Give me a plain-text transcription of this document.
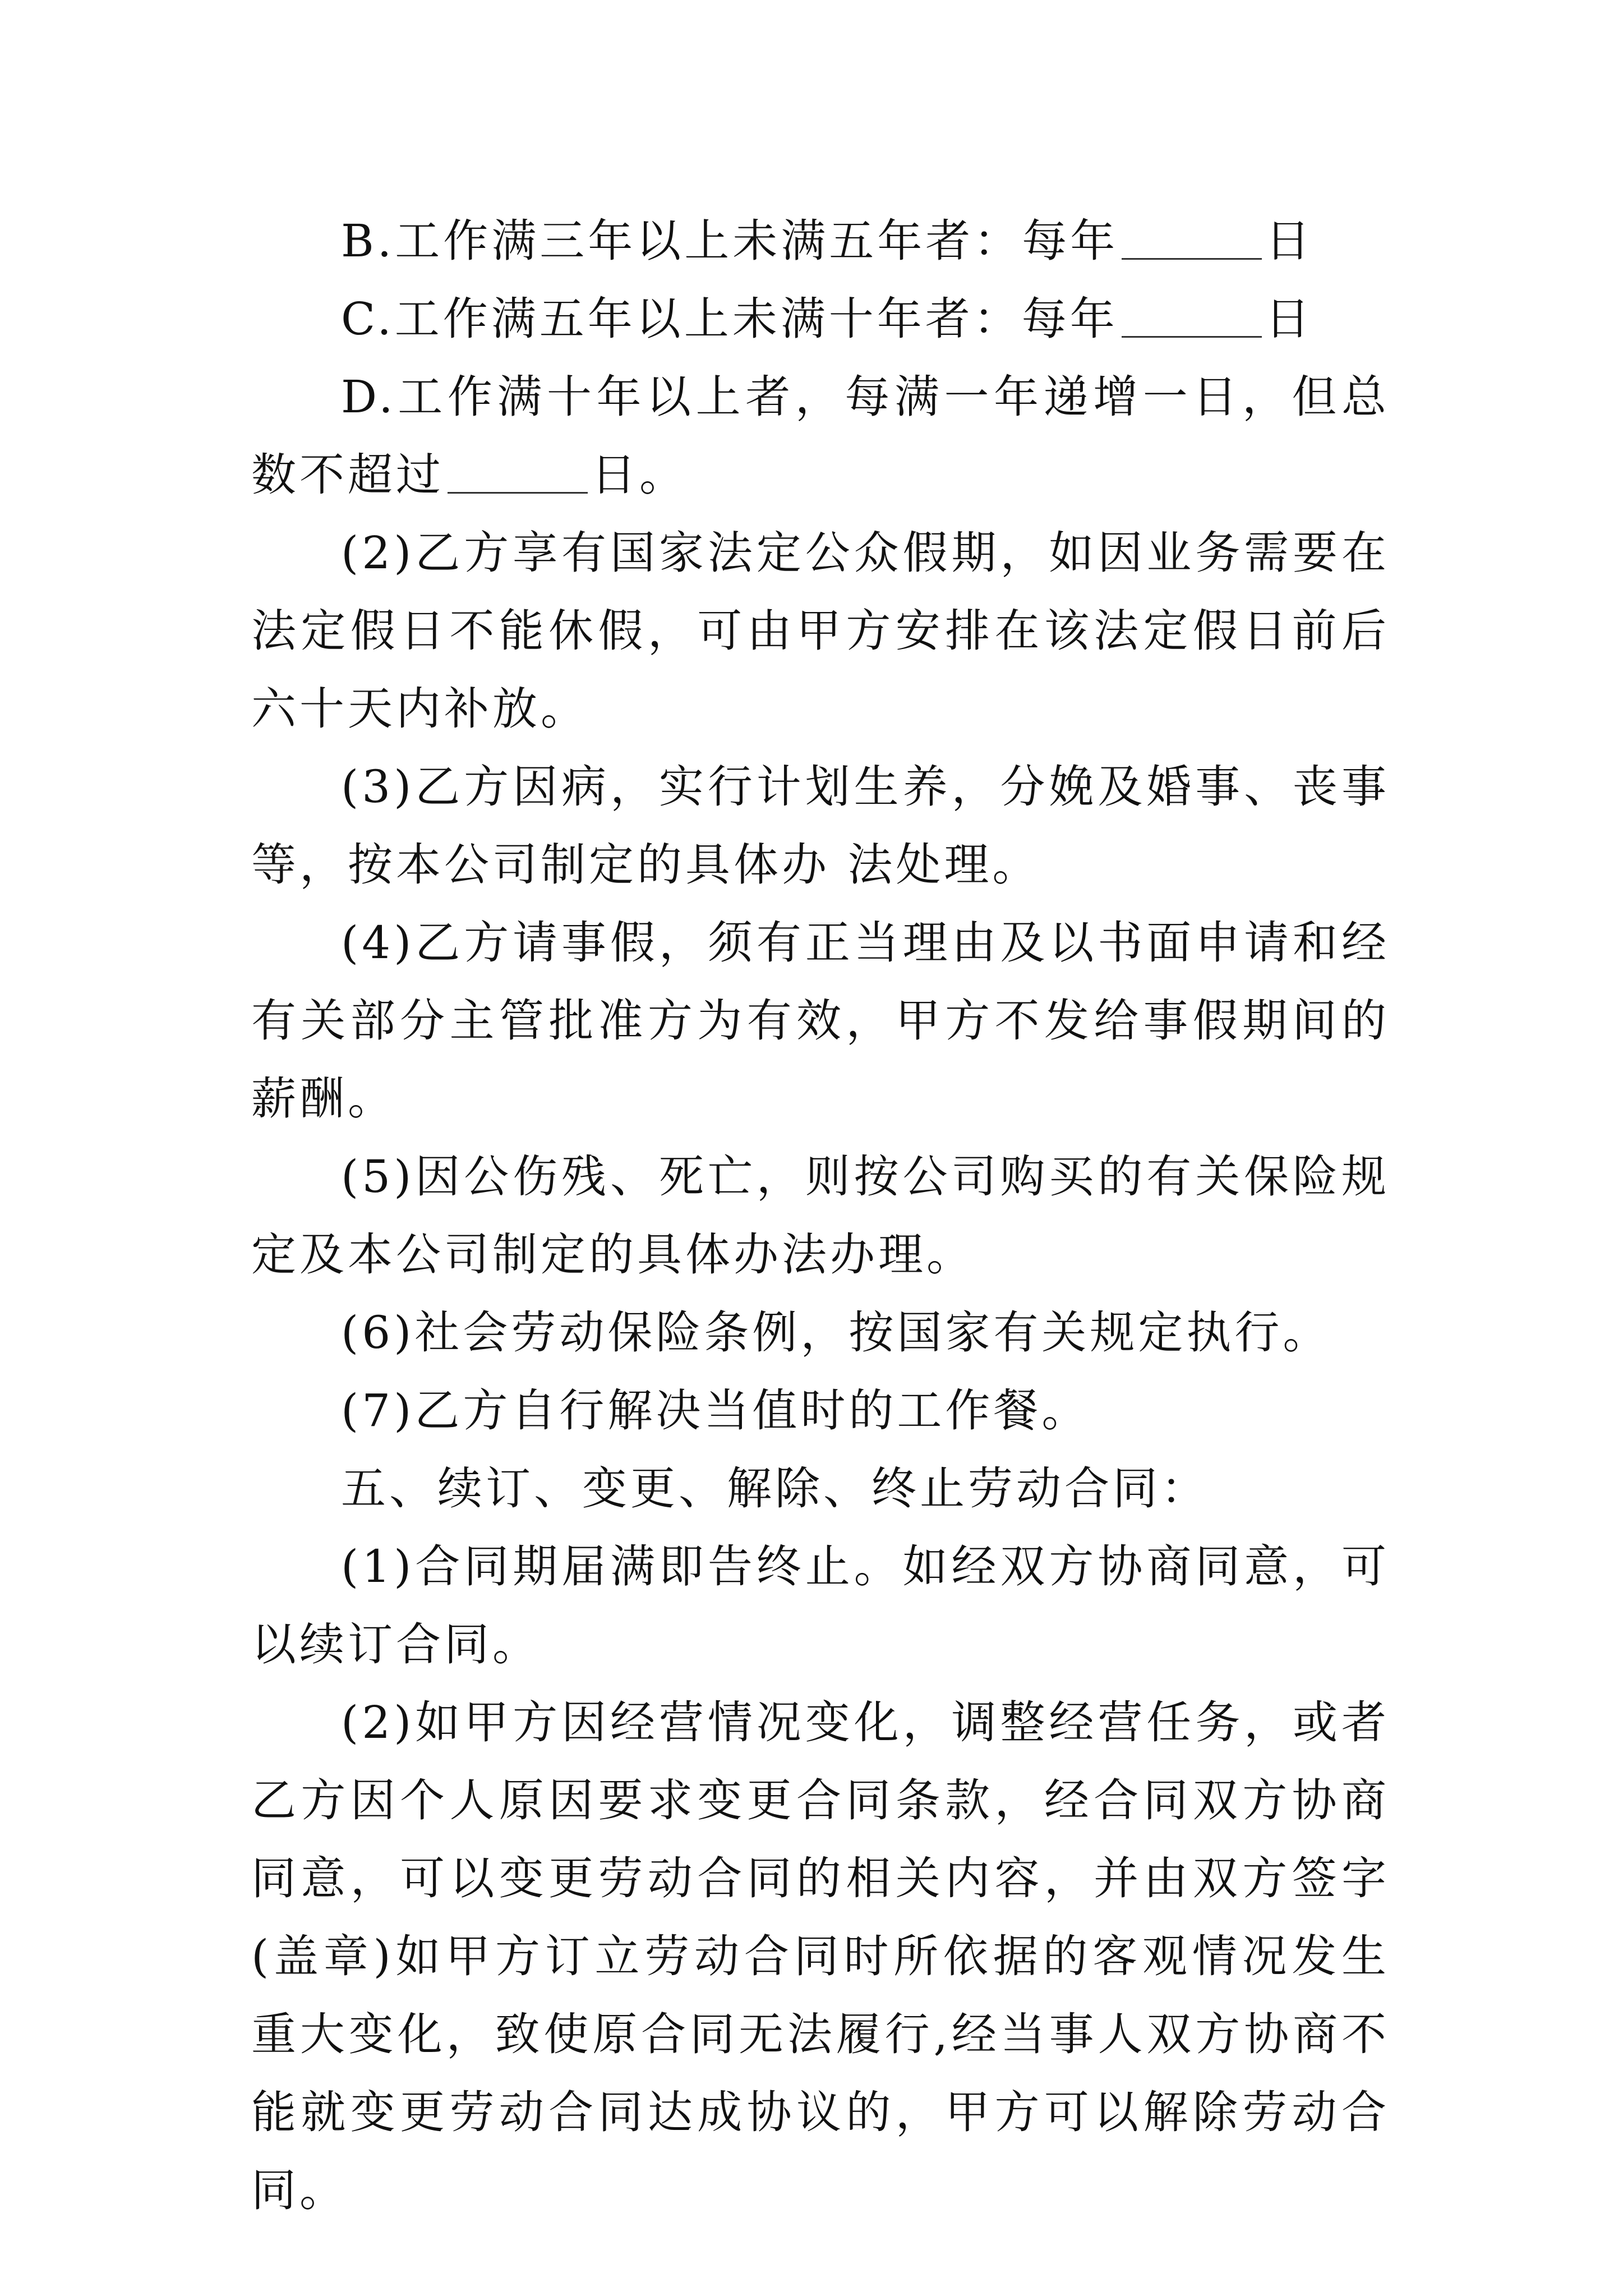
B.工作满三年以上未满五年者：每年	日

C.工作满五年以上未满十年者：每年	日

D.工作满十年以上者，每满一年递增一日，但总数不超过	日。

(2)乙方享有国家法定公众假期，如因业务需要在法定假日不能休假，可由甲方安排在该法定假日前后六十天内补放。

(3)乙方因病，实行计划生养，分娩及婚事、丧事等，按本公司制定的具体办 法处理。

(4)乙方请事假，须有正当理由及以书面申请和经有关部分主管批准方为有效，甲方不发给事假期间的薪酬。

(5)因公伤残、死亡，则按公司购买的有关保险规定及本公司制定的具体办法办理。

(6)社会劳动保险条例，按国家有关规定执行。

(7)乙方自行解决当值时的工作餐。

五、续订、变更、解除、终止劳动合同：

(1)合同期届满即告终止。如经双方协商同意，可以续订合同。

(2)如甲方因经营情况变化，调整经营任务，或者乙方因个人原因要求变更合同条款，经合同双方协商同意，可以变更劳动合同的相关内容，并由双方签字(盖章)如甲方订立劳动合同时所依据的客观情况发生重大变化，致使原合同无法履行,经当事人双方协商不能就变更劳动合同达成协议的，甲方可以解除劳动合同。
